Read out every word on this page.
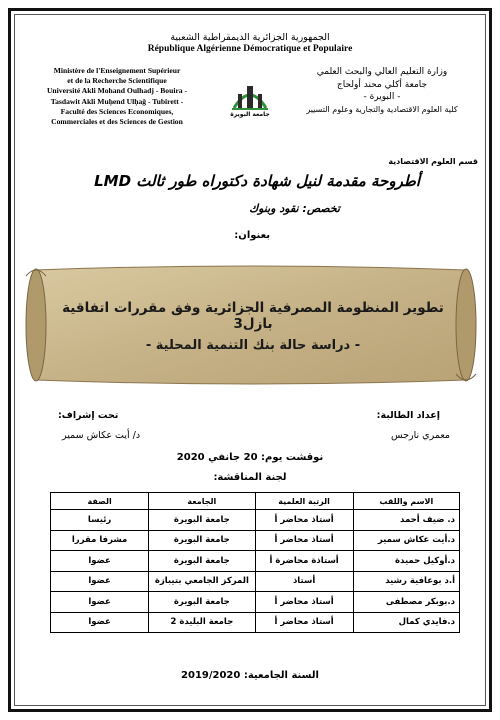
الجمهورية الجزائرية الديمقراطية الشعبية
République Algérienne Démocratique et Populaire
Ministère de l'Enseignement Supérieur
et de la Recherche Scientifique
Université Akli Mohand Oulhadj - Bouira -
Tasdawit Akli Muḥend Ulḥağ - Tubirett -
Faculté des Sciences Economiques,
Commerciales et des Sciences de Gestion
وزارة التعليم العالي والبحث العلمي
جامعة أكلي محند أولحاج
- البويرة -
كلية العلوم الاقتصادية والتجارية وعلوم التسيير
جامعة البويرة
قسم العلوم الاقتصادية
أطروحة مقدمة لنيل شهادة دكتوراه طور ثالث LMD
تخصص: نقود وبنوك
بعنوان:
تطوير المنظومة المصرفية الجزائرية وفق مقررات اتفاقية بازل3
- دراسة حالة بنك التنمية المحلية -
إعداد الطالبة:
معمري نارجس
تحت إشراف:
د/ أيت عكاش سمير
نوقشت يوم: 20 جانفي 2020
لجنة المناقشة:
الاسم واللقب	الرتبة العلمية	الجامعة	الصفة
د. ضيف أحمد	أستاذ محاضر أ	جامعة البويرة	رئيسا
د.أيت عكاش سمير	أستاذ محاضر أ	جامعة البويرة	مشرفا مقررا
د.أوكيل حميدة	أستاذة محاضرة أ	جامعة البويرة	عضوا
أ.د بوعافية رشيد	أستاذ	المركز الجامعي بتيبازة	عضوا
د.بوبكر مصطفى	أستاذ محاضر أ	جامعة البويرة	عضوا
د.فايدي كمال	أستاذ محاضر أ	جامعة البليدة 2	عضوا
السنة الجامعية: 2019/2020
